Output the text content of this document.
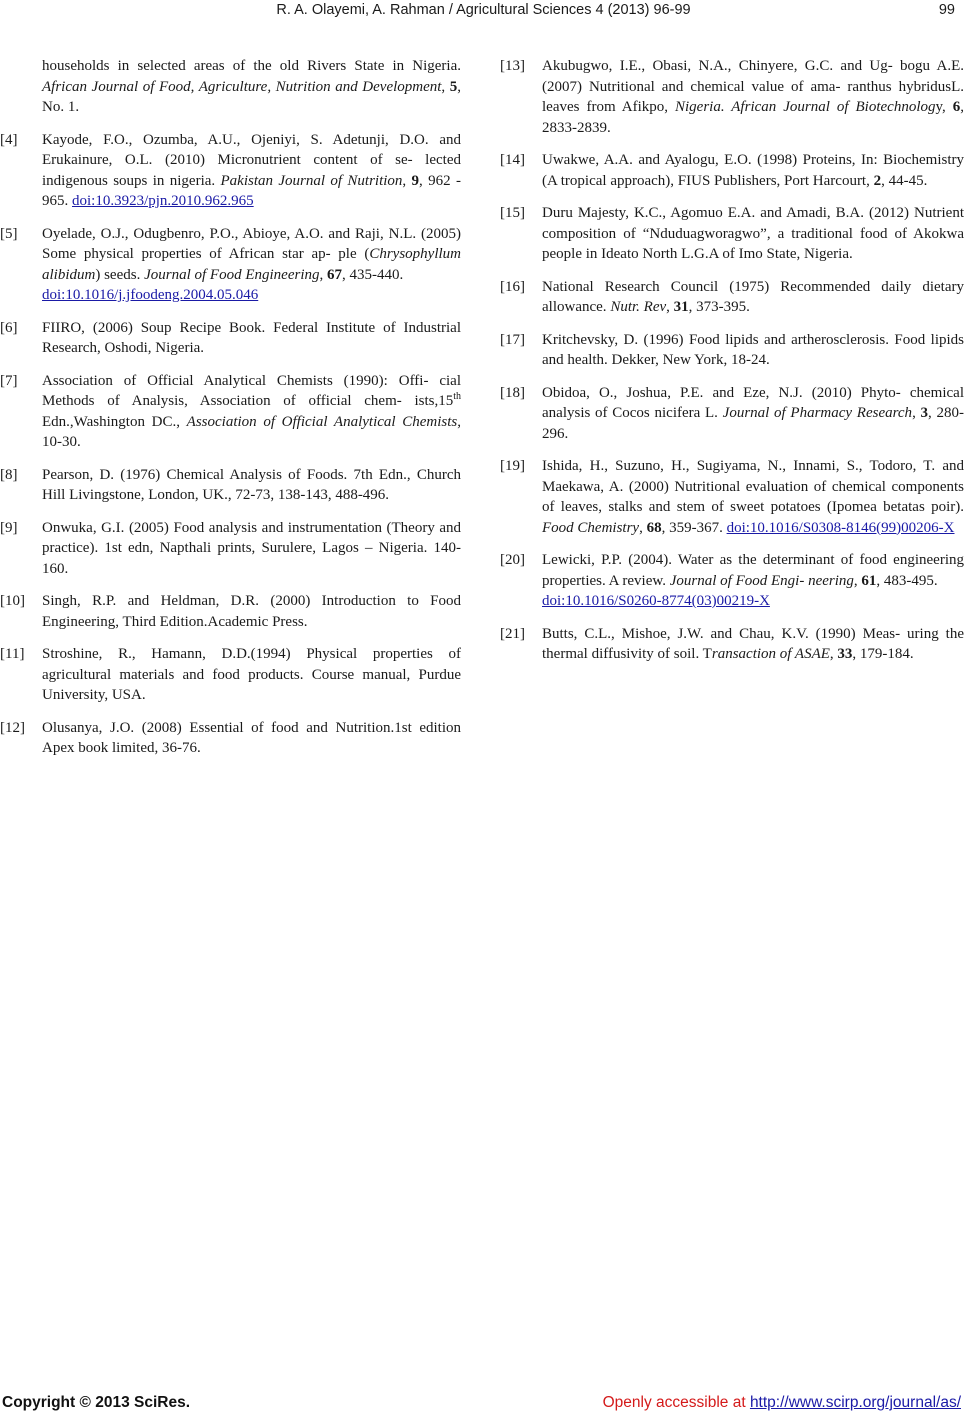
R. A. Olayemi, A. Rahman / Agricultural Sciences 4 (2013) 96-99	99
households in selected areas of the old Rivers State in Nigeria. African Journal of Food, Agriculture, Nutrition and Development, 5, No. 1.
[4]	Kayode, F.O., Ozumba, A.U., Ojeniyi, S. Adetunji, D.O. and Erukainure, O.L. (2010) Micronutrient content of se- lected indigenous soups in nigeria. Pakistan Journal of Nutrition, 9, 962 - 965. doi:10.3923/pjn.2010.962.965
[5]	Oyelade, O.J., Odugbenro, P.O., Abioye, A.O. and Raji, N.L. (2005) Some physical properties of African star ap- ple (Chrysophyllum alibidum) seeds. Journal of Food Engineering, 67, 435-440.
doi:10.1016/j.jfoodeng.2004.05.046
[6]	FIIRO, (2006) Soup Recipe Book. Federal Institute of Industrial Research, Oshodi, Nigeria.
[7]	Association of Official Analytical Chemists (1990): Offi- cial Methods of Analysis, Association of official chem- ists,15th Edn.,Washington DC., Association of Official Analytical Chemists, 10-30.
[8]	Pearson, D. (1976) Chemical Analysis of Foods. 7th Edn., Church Hill Livingstone, London, UK., 72-73, 138-143, 488-496.
[9]	Onwuka, G.I. (2005) Food analysis and instrumentation (Theory and practice). 1st edn, Napthali prints, Surulere, Lagos – Nigeria. 140-160.
[10]	Singh, R.P. and Heldman, D.R. (2000) Introduction to Food Engineering, Third Edition.Academic Press.
[11]	Stroshine, R., Hamann, D.D.(1994) Physical properties of agricultural materials and food products. Course manual, Purdue University, USA.
[12]	Olusanya, J.O. (2008) Essential of food and Nutrition.1st edition Apex book limited, 36-76.
[13]	Akubugwo, I.E., Obasi, N.A., Chinyere, G.C. and Ug- bogu A.E. (2007) Nutritional and chemical value of ama- ranthus hybridusL. leaves from Afikpo, Nigeria. African Journal of Biotechnology, 6, 2833-2839.
[14]	Uwakwe, A.A. and Ayalogu, E.O. (1998) Proteins, In: Biochemistry (A tropical approach), FIUS Publishers, Port Harcourt, 2, 44-45.
[15]	Duru Majesty, K.C., Agomuo E.A. and Amadi, B.A. (2012) Nutrient composition of “Nduduagworagwo”, a traditional food of Akokwa people in Ideato North L.G.A of Imo State, Nigeria.
[16]	National Research Council (1975) Recommended daily dietary allowance. Nutr. Rev, 31, 373-395.
[17]	Kritchevsky, D. (1996) Food lipids and artherosclerosis. Food lipids and health. Dekker, New York, 18-24.
[18]	Obidoa, O., Joshua, P.E. and Eze, N.J. (2010) Phyto- chemical analysis of Cocos nicifera L. Journal of Pharmacy Research, 3, 280-296.
[19]	Ishida, H., Suzuno, H., Sugiyama, N., Innami, S., Todoro, T. and Maekawa, A. (2000) Nutritional evaluation of chemical components of leaves, stalks and stem of sweet potatoes (Ipomea betatas poir). Food Chemistry, 68, 359-367. doi:10.1016/S0308-8146(99)00206-X
[20]	Lewicki, P.P. (2004). Water as the determinant of food engineering properties. A review. Journal of Food Engi- neering, 61, 483-495.
doi:10.1016/S0260-8774(03)00219-X
[21]	Butts, C.L., Mishoe, J.W. and Chau, K.V. (1990) Meas- uring the thermal diffusivity of soil. Transaction of ASAE, 33, 179-184.
Copyright © 2013 SciRes.	Openly accessible at http://www.scirp.org/journal/as/
